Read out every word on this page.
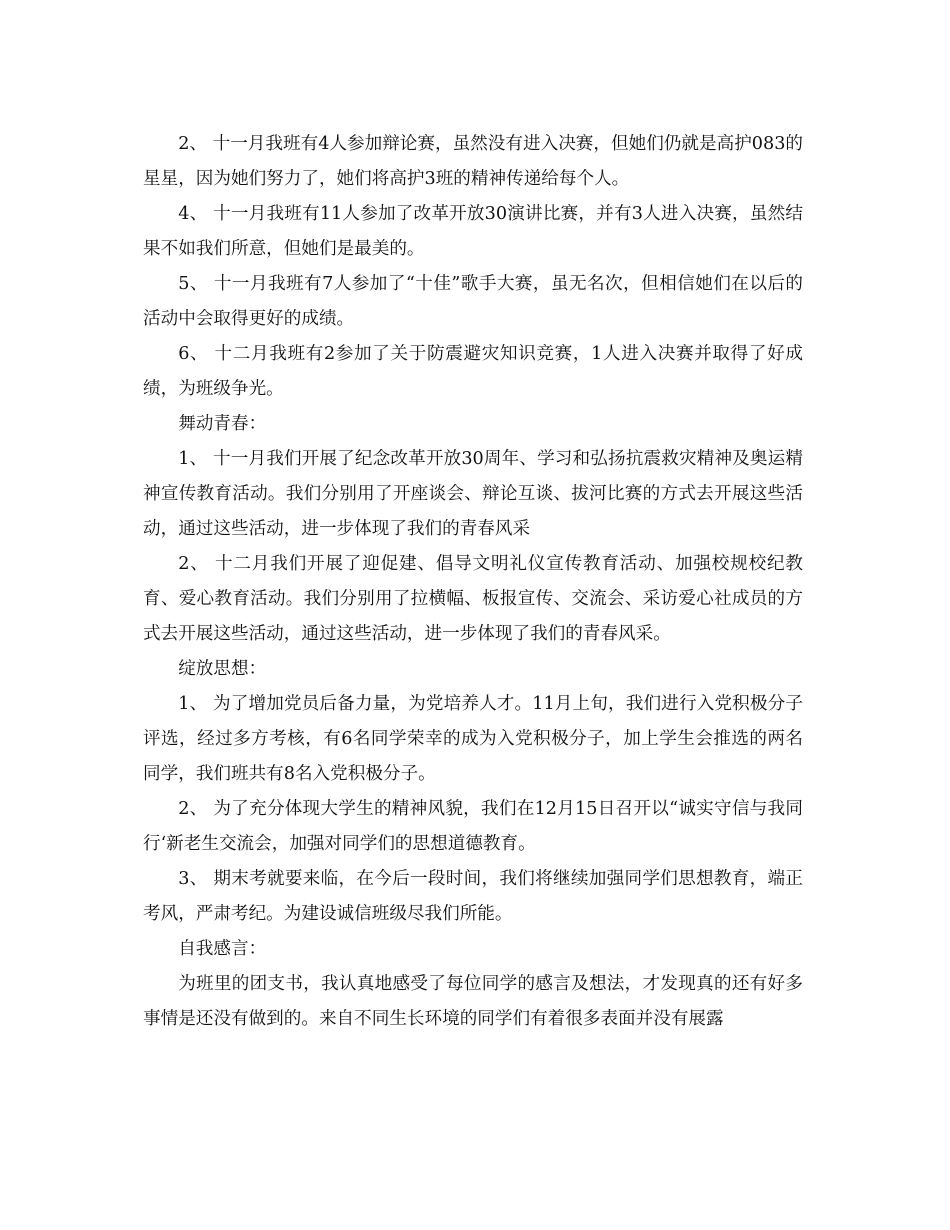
2、 十一月我班有4人参加辩论赛，虽然没有进入决赛，但她们仍就是高护083的星星，因为她们努力了，她们将高护3班的精神传递给每个人。

4、 十一月我班有11人参加了改革开放30演讲比赛，并有3人进入决赛，虽然结果不如我们所意，但她们是最美的。

5、 十一月我班有7人参加了“十佳”歌手大赛，虽无名次，但相信她们在以后的活动中会取得更好的成绩。

6、 十二月我班有2参加了关于防震避灾知识竞赛，1人进入决赛并取得了好成绩，为班级争光。

舞动青春：

1、 十一月我们开展了纪念改革开放30周年、学习和弘扬抗震救灾精神及奥运精神宣传教育活动。我们分别用了开座谈会、辩论互谈、拔河比赛的方式去开展这些活动，通过这些活动，进一步体现了我们的青春风采

2、 十二月我们开展了迎促建、倡导文明礼仪宣传教育活动、加强校规校纪教育、爱心教育活动。我们分别用了拉横幅、板报宣传、交流会、采访爱心社成员的方式去开展这些活动，通过这些活动，进一步体现了我们的青春风采。

绽放思想：

1、 为了增加党员后备力量，为党培养人才。11月上旬，我们进行入党积极分子评选，经过多方考核，有6名同学荣幸的成为入党积极分子，加上学生会推选的两名同学，我们班共有8名入党积极分子。

2、 为了充分体现大学生的精神风貌，我们在12月15日召开以“诚实守信与我同行‘新老生交流会，加强对同学们的思想道德教育。

3、 期末考就要来临，在今后一段时间，我们将继续加强同学们思想教育，端正考风，严肃考纪。为建设诚信班级尽我们所能。

自我感言：

为班里的团支书，我认真地感受了每位同学的感言及想法，才发现真的还有好多事情是还没有做到的。来自不同生长环境的同学们有着很多表面并没有展露
